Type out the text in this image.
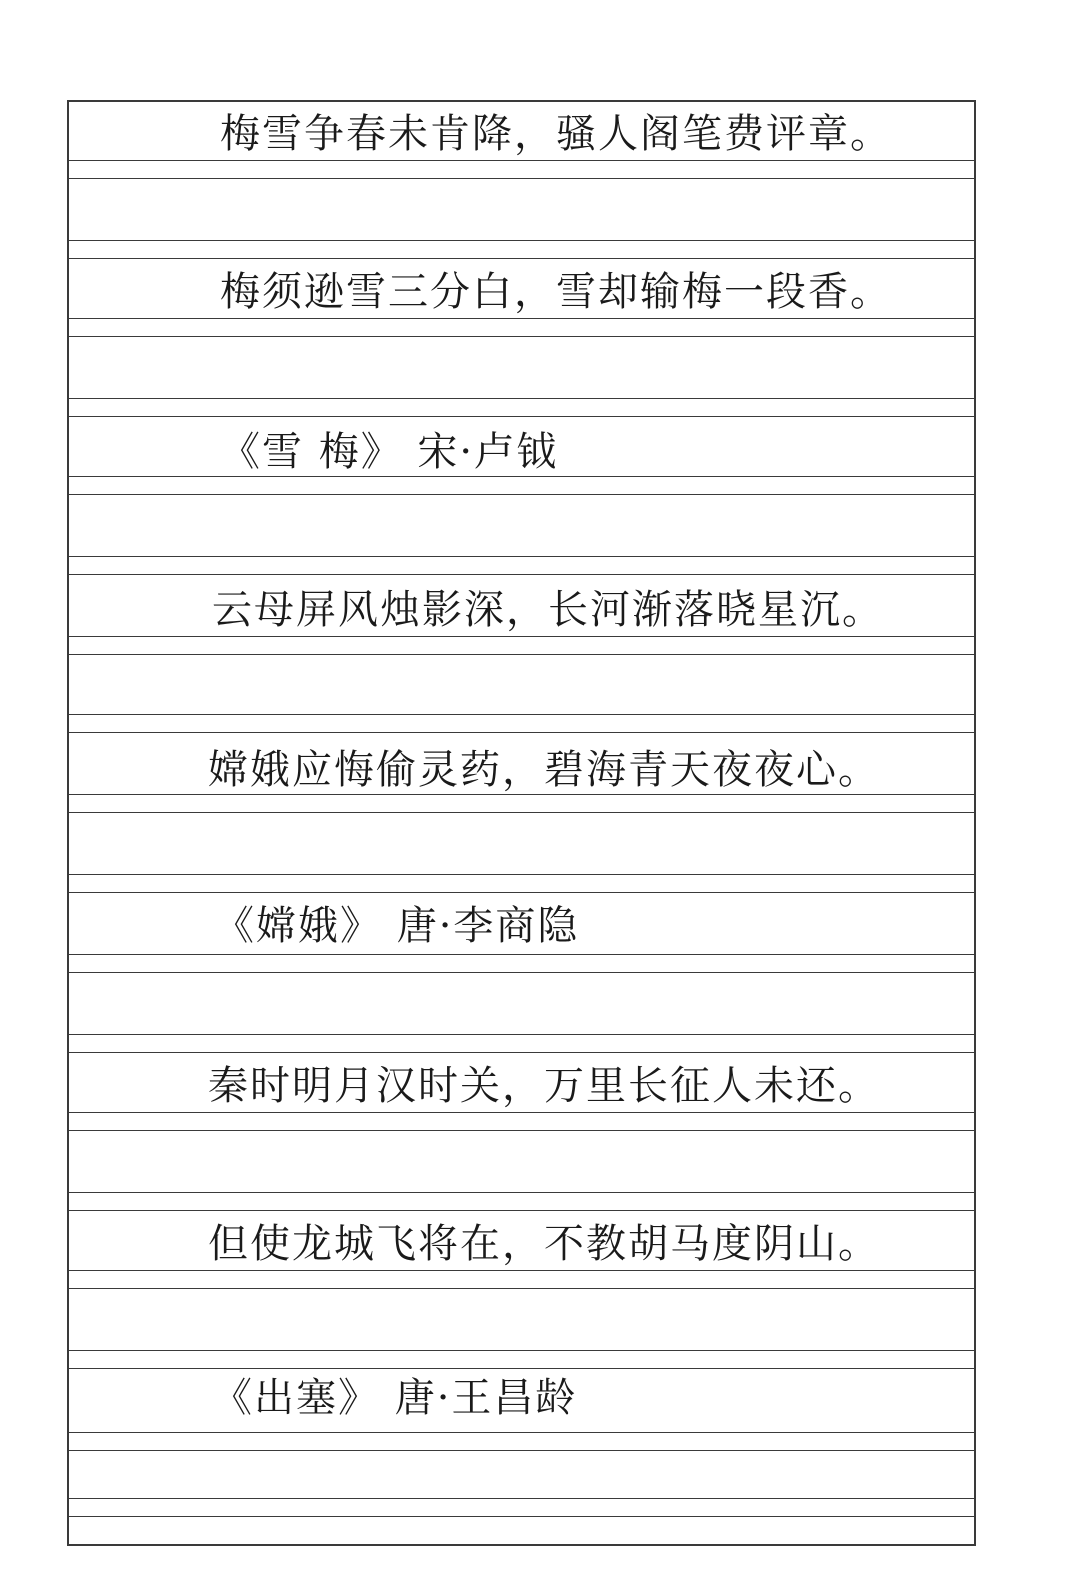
梅雪争春未肯降，骚人阁笔费评章。
梅须逊雪三分白，雪却输梅一段香。
《雪 梅》 宋·卢钺
云母屏风烛影深，长河渐落晓星沉。
嫦娥应悔偷灵药，碧海青天夜夜心。
《嫦娥》 唐·李商隐
秦时明月汉时关，万里长征人未还。
但使龙城飞将在，不教胡马度阴山。
《出塞》 唐·王昌龄
